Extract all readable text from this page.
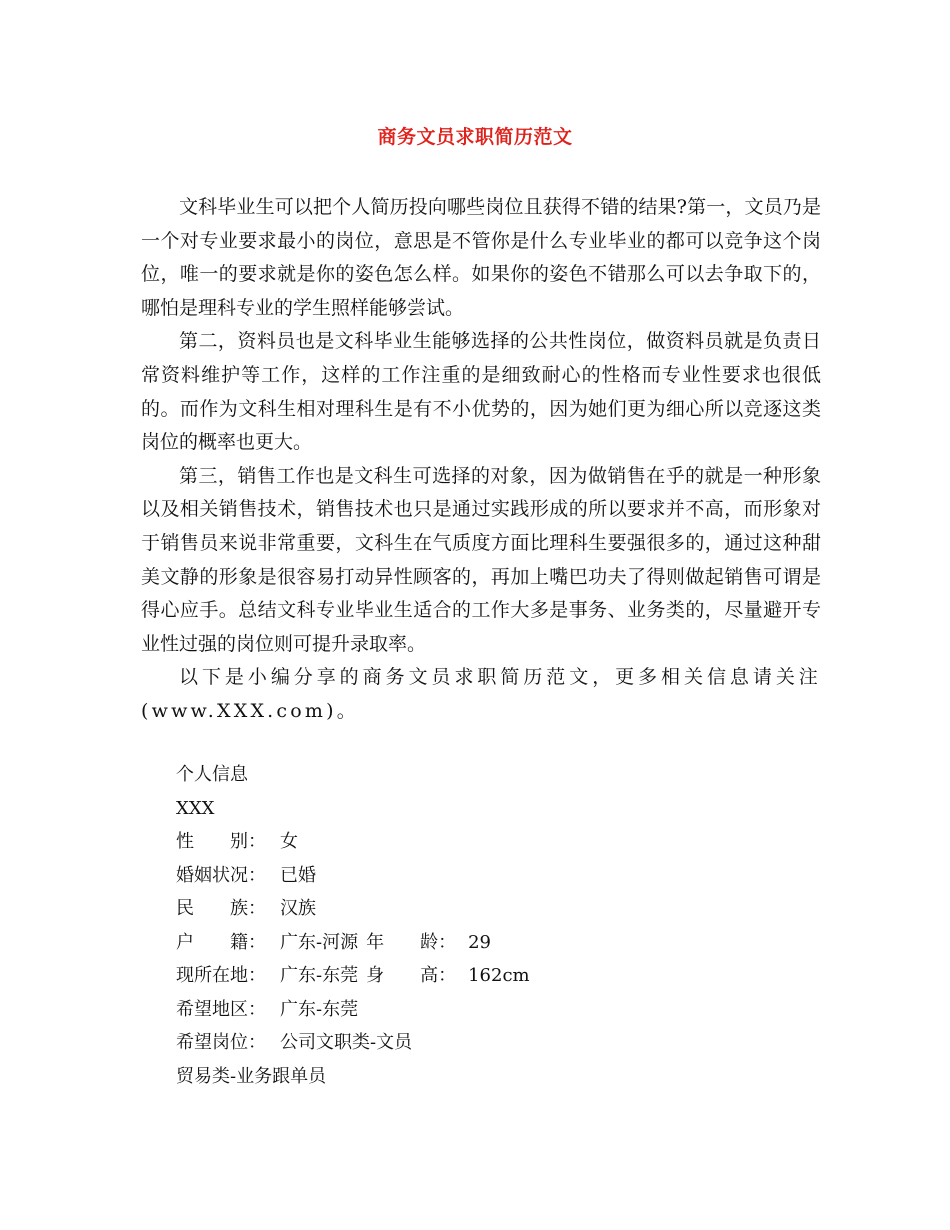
商务文员求职简历范文

文科毕业生可以把个人简历投向哪些岗位且获得不错的结果?第一，文员乃是一个对专业要求最小的岗位，意思是不管你是什么专业毕业的都可以竞争这个岗位，唯一的要求就是你的姿色怎么样。如果你的姿色不错那么可以去争取下的，哪怕是理科专业的学生照样能够尝试。

第二，资料员也是文科毕业生能够选择的公共性岗位，做资料员就是负责日常资料维护等工作，这样的工作注重的是细致耐心的性格而专业性要求也很低的。而作为文科生相对理科生是有不小优势的，因为她们更为细心所以竞逐这类岗位的概率也更大。

第三，销售工作也是文科生可选择的对象，因为做销售在乎的就是一种形象以及相关销售技术，销售技术也只是通过实践形成的所以要求并不高，而形象对于销售员来说非常重要，文科生在气质度方面比理科生要强很多的，通过这种甜美文静的形象是很容易打动异性顾客的，再加上嘴巴功夫了得则做起销售可谓是得心应手。总结文科专业毕业生适合的工作大多是事务、业务类的，尽量避开专业性过强的岗位则可提升录取率。

以下是小编分享的商务文员求职简历范文，更多相关信息请关注(www.XXX.com)。

个人信息
XXX
性　　别： 女
婚姻状况： 已婚
民　　族： 汉族
户　　籍： 广东-河源 年　　龄： 29
现所在地： 广东-东莞 身　　高： 162cm
希望地区： 广东-东莞
希望岗位： 公司文职类-文员
贸易类-业务跟单员
